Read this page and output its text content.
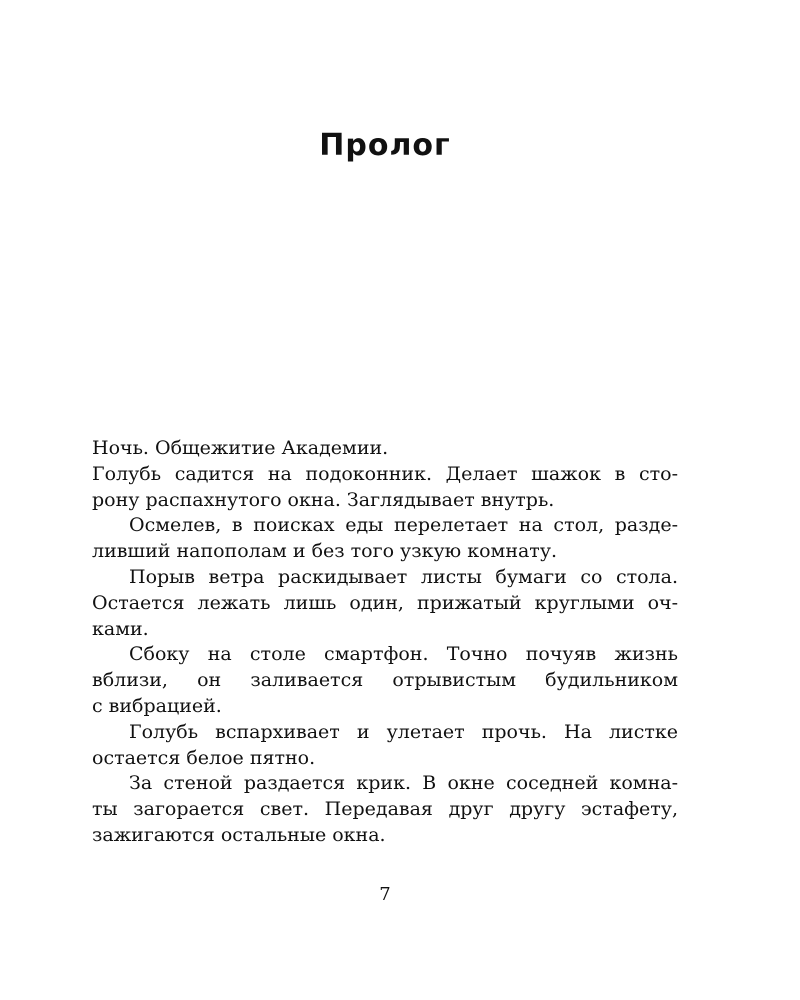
Пролог
Ночь. Общежитие Академии.
Голубь садится на подоконник. Делает шажок в сто-
рону распахнутого окна. Заглядывает внутрь.
Осмелев, в поисках еды перелетает на стол, разде-
ливший напополам и без того узкую комнату.
Порыв ветра раскидывает листы бумаги со стола.
Остается лежать лишь один, прижатый круглыми оч-
ками.
Сбоку на столе смартфон. Точно почуяв жизнь
вблизи, он заливается отрывистым будильником
с вибрацией.
Голубь вспархивает и улетает прочь. На листке
остается белое пятно.
За стеной раздается крик. В окне соседней комна-
ты загорается свет. Передавая друг другу эстафету,
зажигаются остальные окна.
7
